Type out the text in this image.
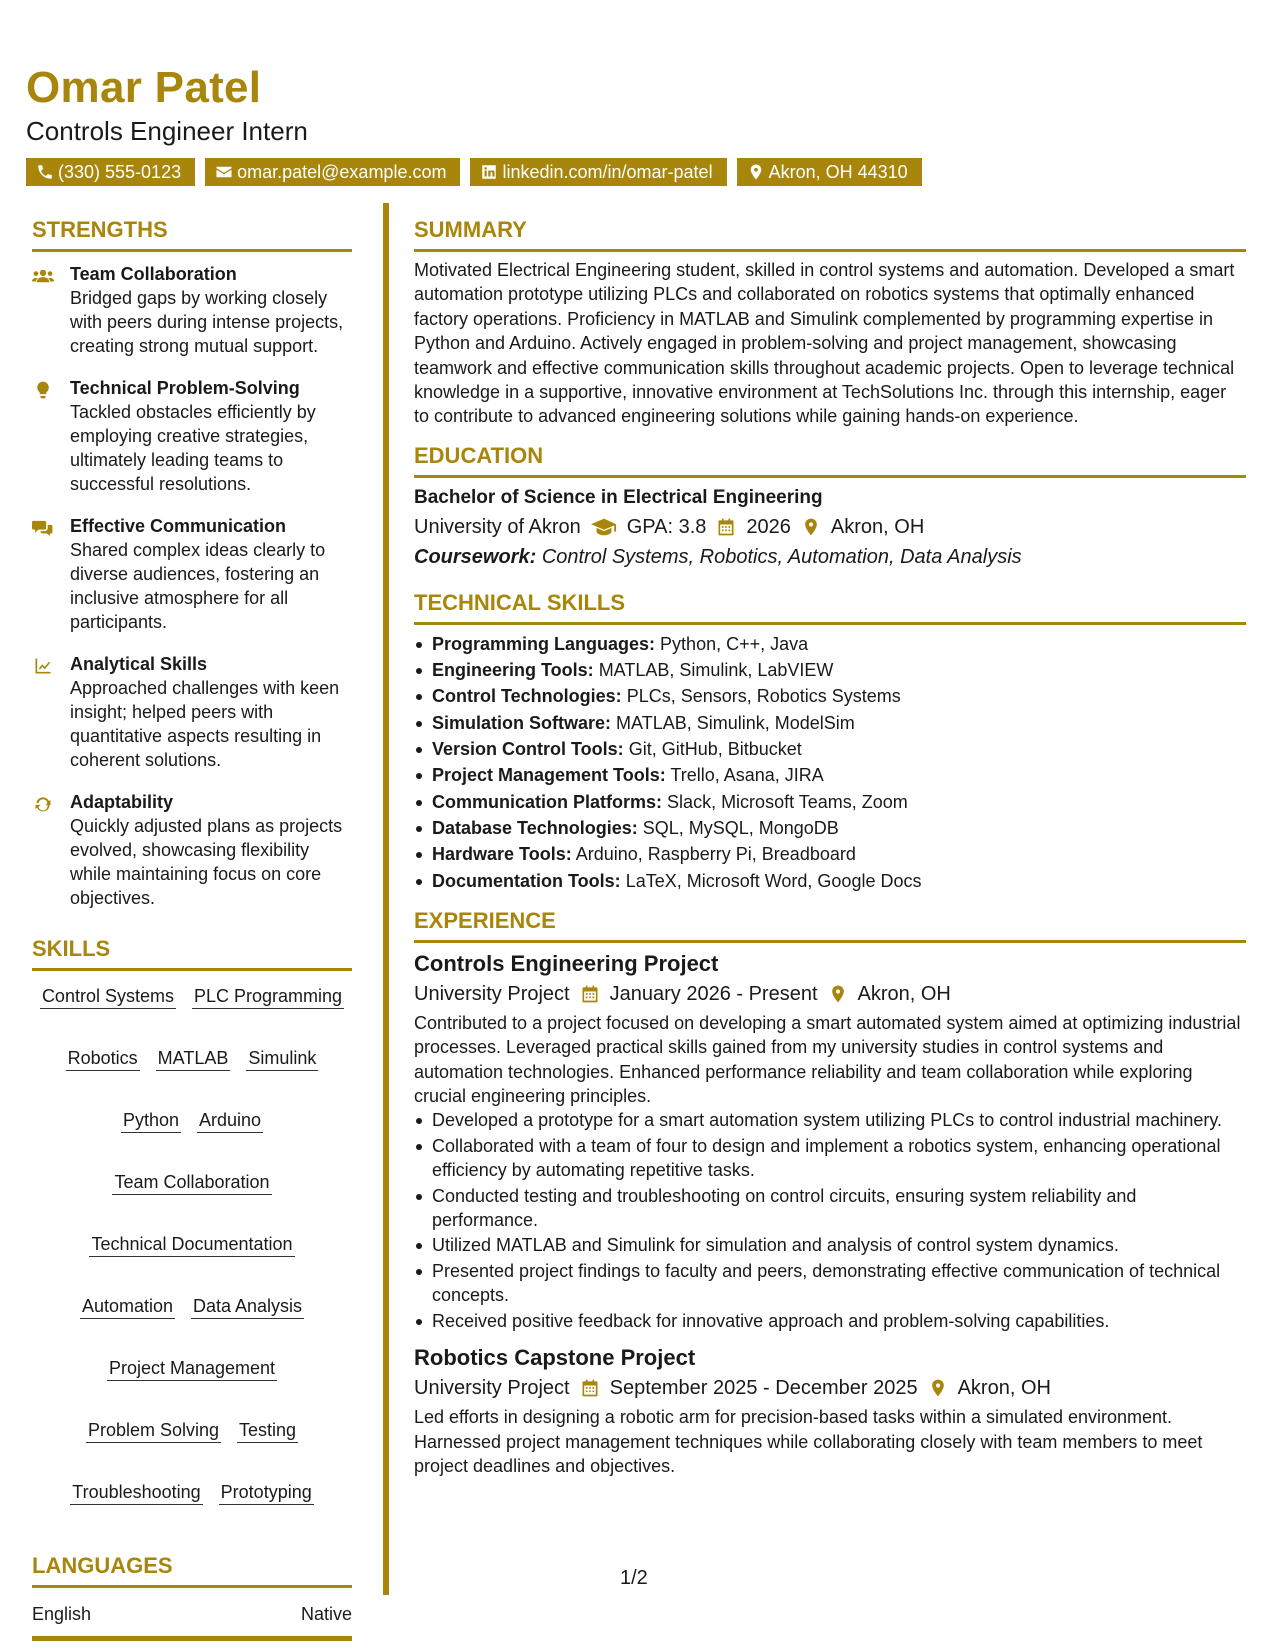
Omar Patel
Controls Engineer Intern
(330) 555-0123	omar.patel@example.com	linkedin.com/in/omar-patel	Akron, OH 44310
STRENGTHS
Team Collaboration
Bridged gaps by working closely with peers during intense projects, creating strong mutual support.
Technical Problem-Solving
Tackled obstacles efficiently by employing creative strategies, ultimately leading teams to successful resolutions.
Effective Communication
Shared complex ideas clearly to diverse audiences, fostering an inclusive atmosphere for all participants.
Analytical Skills
Approached challenges with keen insight; helped peers with quantitative aspects resulting in coherent solutions.
Adaptability
Quickly adjusted plans as projects evolved, showcasing flexibility while maintaining focus on core objectives.
SKILLS
Control Systems PLC Programming
Robotics MATLAB Simulink
Python Arduino
Team Collaboration
Technical Documentation
Automation Data Analysis
Project Management
Problem Solving Testing
Troubleshooting Prototyping
LANGUAGES
English	Native
SUMMARY
Motivated Electrical Engineering student, skilled in control systems and automation. Developed a smart automation prototype utilizing PLCs and collaborated on robotics systems that optimally enhanced factory operations. Proficiency in MATLAB and Simulink complemented by programming expertise in Python and Arduino. Actively engaged in problem-solving and project management, showcasing teamwork and effective communication skills throughout academic projects. Open to leverage technical knowledge in a supportive, innovative environment at TechSolutions Inc. through this internship, eager to contribute to advanced engineering solutions while gaining hands-on experience.
EDUCATION
Bachelor of Science in Electrical Engineering
University of Akron GPA: 3.8 2026 Akron, OH
Coursework: Control Systems, Robotics, Automation, Data Analysis
TECHNICAL SKILLS
Programming Languages: Python, C++, Java
Engineering Tools: MATLAB, Simulink, LabVIEW
Control Technologies: PLCs, Sensors, Robotics Systems
Simulation Software: MATLAB, Simulink, ModelSim
Version Control Tools: Git, GitHub, Bitbucket
Project Management Tools: Trello, Asana, JIRA
Communication Platforms: Slack, Microsoft Teams, Zoom
Database Technologies: SQL, MySQL, MongoDB
Hardware Tools: Arduino, Raspberry Pi, Breadboard
Documentation Tools: LaTeX, Microsoft Word, Google Docs
EXPERIENCE
Controls Engineering Project
University Project January 2026 - Present Akron, OH
Contributed to a project focused on developing a smart automated system aimed at optimizing industrial processes. Leveraged practical skills gained from my university studies in control systems and automation technologies. Enhanced performance reliability and team collaboration while exploring crucial engineering principles.
Developed a prototype for a smart automation system utilizing PLCs to control industrial machinery.
Collaborated with a team of four to design and implement a robotics system, enhancing operational efficiency by automating repetitive tasks.
Conducted testing and troubleshooting on control circuits, ensuring system reliability and performance.
Utilized MATLAB and Simulink for simulation and analysis of control system dynamics.
Presented project findings to faculty and peers, demonstrating effective communication of technical concepts.
Received positive feedback for innovative approach and problem-solving capabilities.
Robotics Capstone Project
University Project September 2025 - December 2025 Akron, OH
Led efforts in designing a robotic arm for precision-based tasks within a simulated environment. Harnessed project management techniques while collaborating closely with team members to meet project deadlines and objectives.
1/2
